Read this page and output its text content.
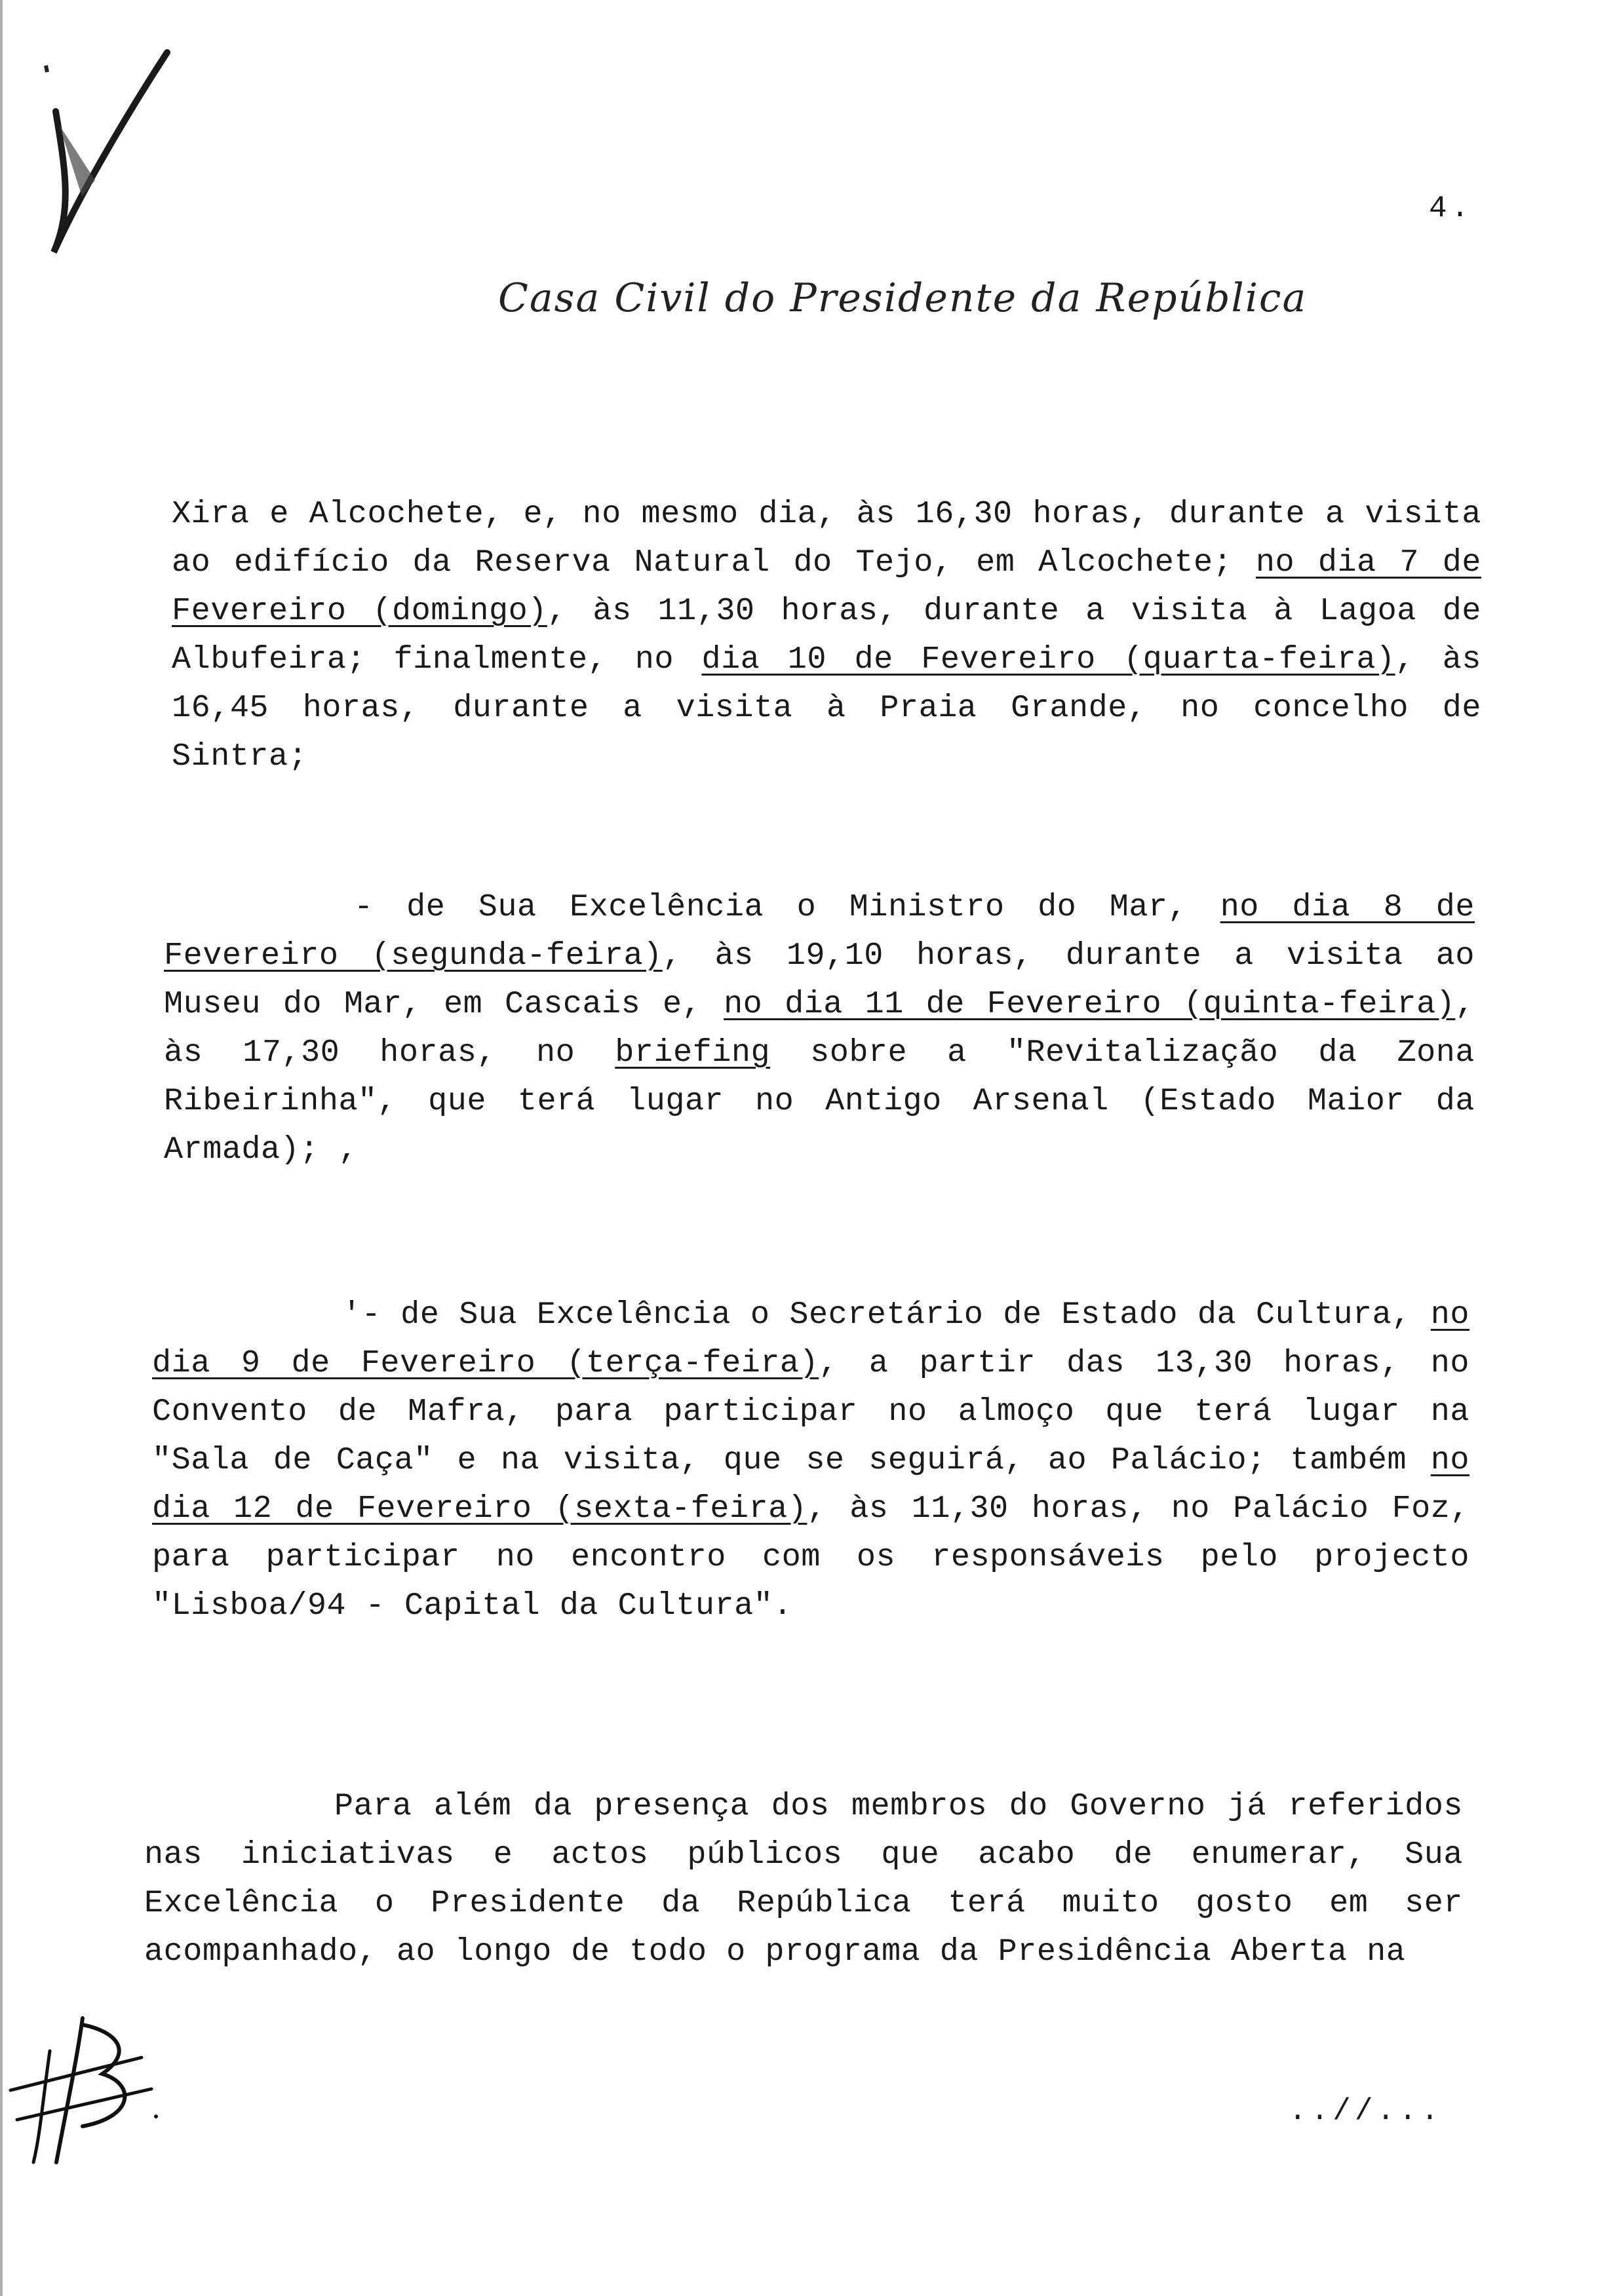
4.
Casa Civil do Presidente da República
Xira e Alcochete, e, no mesmo dia, às 16,30 horas, durante a visita ao edifício da Reserva Natural do Tejo, em Alcochete; no dia 7 de Fevereiro (domingo), às 11,30 horas, durante a visita à Lagoa de Albufeira; finalmente, no dia 10 de Fevereiro (quarta-feira), às 16,45 horas, durante a visita à Praia Grande, no concelho de Sintra;
- de Sua Excelência o Ministro do Mar, no dia 8 de Fevereiro (segunda-feira), às 19,10 horas, durante a visita ao Museu do Mar, em Cascais e, no dia 11 de Fevereiro (quinta-feira), às 17,30 horas, no briefing sobre a "Revitalização da Zona Ribeirinha", que terá lugar no Antigo Arsenal (Estado Maior da Armada); ,
'- de Sua Excelência o Secretário de Estado da Cultura, no dia 9 de Fevereiro (terça-feira), a partir das 13,30 horas, no Convento de Mafra, para participar no almoço que terá lugar na "Sala de Caça" e na visita, que se seguirá, ao Palácio; também no dia 12 de Fevereiro (sexta-feira), às 11,30 horas, no Palácio Foz, para participar no encontro com os responsáveis pelo projecto "Lisboa/94 - Capital da Cultura".
Para além da presença dos membros do Governo já referidos nas iniciativas e actos públicos que acabo de enumerar, Sua Excelência o Presidente da República terá muito gosto em ser acompanhado, ao longo de todo o programa da Presidência Aberta na
..//...
